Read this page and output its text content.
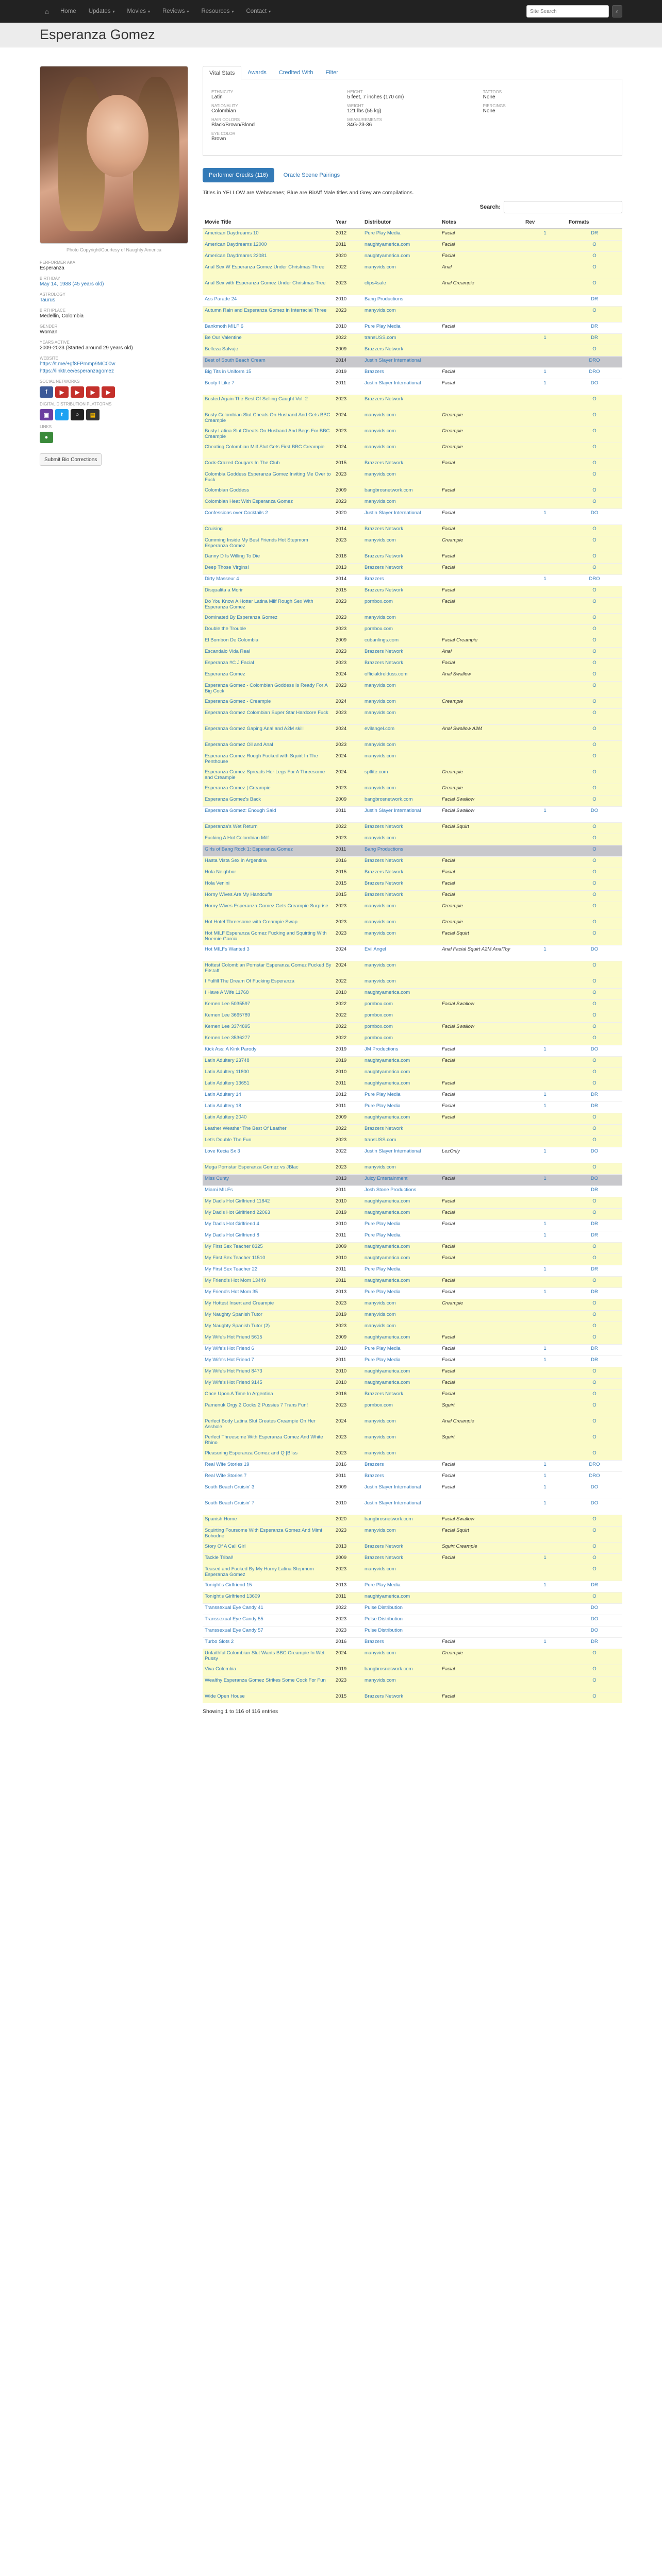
⌂	Home Updates ▾ Movies ▾ Reviews ▾ Resources ▾ Contact ▾
Site Search	⌕
Esperanza Gomez
Photo Copyright/Courtesy of Naughty America
PERFORMER AKA
Esperanza
BIRTHDAY
May 14, 1988 (45 years old)
ASTROLOGY
Taurus
BIRTHPLACE
Medellin, Colombia
GENDER
Woman
YEARS ACTIVE
2009-2023 (Started around 29 years old)
WEBSITE
https://t.me/+gf8FPmmp9MC00w
https://linktr.ee/esperanzagomez
SOCIAL NETWORKS
f	▶	▶	▶	▶
DIGITAL DISTRIBUTION PLATFORMS
▣	t	○	▤
LINKS
●
Submit Bio Corrections
Vital Stats	Awards	Credited With	Filter
ETHNICITY
Latin
NATIONALITY
Colombian
HAIR COLORS
Black/Brown/Blond
EYE COLOR
Brown
HEIGHT
5 feet, 7 inches (170 cm)
WEIGHT
121 lbs (55 kg)
MEASUREMENTS
34G-23-36
TATTOOS
None
PIERCINGS
None
Performer Credits (116)	Oracle Scene Pairings
Titles in YELLOW are Webscenes; Blue are BirAff Male titles and Grey are compilations.
Search:
Movie Title	Year	Distributor	Notes	Rev	Formats
American Daydreams 10	2012	Pure Play Media	Facial	1	DR
American Daydreams 12000	2011	naughtyamerica.com	Facial		O
American Daydreams 22081	2020	naughtyamerica.com	Facial		O
Anal Sex W Esperanza Gomez Under Christmas Three	2022	manyvids.com	Anal		O
Anal Sex with Esperanza Gomez Under Christmas Tree	2023	clips4sale	Anal Creampie		O
Ass Parade 24	2010	Bang Productions			DR
Autumn Rain and Esperanza Gomez in Interracial Three	2023	manyvids.com			O
Bankmoth MILF 6	2010	Pure Play Media	Facial		DR
Be Our Valentine	2022	transUSS.com		1	DR
Belleza Salvaje	2009	Brazzers Network			O
Best of South Beach Cream	2014	Justin Slayer International			DRO
Big Tits in Uniform 15	2019	Brazzers	Facial	1	DRO
Booty I Like 7	2011	Justin Slayer International	Facial	1	DO
Busted Again The Best Of Selling Caught Vol. 2	2023	Brazzers Network			O
Busty Colombian Slut Cheats On Husband And Gets BBC Creampie	2024	manyvids.com	Creampie		O
Busty Latina Slut Cheats On Husband And Begs For BBC Creampie	2023	manyvids.com	Creampie		O
Cheating Colombian Milf Slut Gets First BBC Creampie	2024	manyvids.com	Creampie		O
Cock-Crazed Cougars In The Club	2015	Brazzers Network	Facial		O
Colombia Goddess Esperanza Gomez Inviting Me Over to Fuck	2023	manyvids.com			O
Colombian Goddess	2009	bangbrosnetwork.com	Facial		O
Colombian Heat With Esperanza Gomez	2023	manyvids.com			O
Confessions over Cocktails 2	2020	Justin Slayer International	Facial	1	DO
Cruising	2014	Brazzers Network	Facial		O
Cumming Inside My Best Friends Hot Stepmom Esperanza Gomez	2023	manyvids.com	Creampie		O
Danny D Is Willing To Die	2016	Brazzers Network	Facial		O
Deep Those Virgins!	2013	Brazzers Network	Facial		O
Dirty Masseur 4	2014	Brazzers		1	DRO
Disqualita a Morir	2015	Brazzers Network	Facial		O
Do You Know A Hotter Latina Milf Rough Sex With Esperanza Gomez	2023	pornbox.com	Facial		O
Dominated By Esperanza Gomez	2023	manyvids.com			O
Double the Trouble	2023	pornbox.com			O
El Bombon De Colombia	2009	cubanlings.com	Facial Creampie		O
Escandalo Vida Real	2023	Brazzers Network	Anal		O
Esperanza #C J Facial	2023	Brazzers Network	Facial		O
Esperanza Gomez	2024	officialdrelduss.com	Anal Swallow		O
Esperanza Gomez - Colombian Goddess Is Ready For A Big Cock	2023	manyvids.com			O
Esperanza Gomez - Creampie	2024	manyvids.com	Creampie		O
Esperanza Gomez Colombian Super Star Hardcore Fuck	2023	manyvids.com			O
Esperanza Gomez Gaping Anal and A2M skill	2024	evilangel.com	Anal Swallow A2M		O
Esperanza Gomez Oil and Anal	2023	manyvids.com			O
Esperanza Gomez Rough Fucked with Squirt In The Penthouse	2024	manyvids.com			O
Esperanza Gomez Spreads Her Legs For A Threesome and Creampie	2024	sptlite.com	Creampie		O
Esperanza Gomez | Creampie	2023	manyvids.com	Creampie		O
Esperanza Gomez's Back	2009	bangbrosnetwork.com	Facial Swallow		O
Esperanza Gomez: Enough Said	2011	Justin Slayer International	Facial Swallow	1	DO
Esperanza's Wet Return	2022	Brazzers Network	Facial Squirt		O
Fucking A Hot Colombian Milf	2023	manyvids.com			O
Girls of Bang Rock 1: Esperanza Gomez	2011	Bang Productions			O
Hasta Vista Sex in Argentina	2016	Brazzers Network	Facial		O
Hola Neighbor	2015	Brazzers Network	Facial		O
Hola Venini	2015	Brazzers Network	Facial		O
Horny Wives Are My Handcuffs	2015	Brazzers Network	Facial		O
Horny Wives Esperanza Gomez Gets Creampie Surprise	2023	manyvids.com	Creampie		O
Hot Hotel Threesome with Creampie Swap	2023	manyvids.com	Creampie		O
Hot MILF Esperanza Gomez Fucking and Squirting With Noemie Garcia	2023	manyvids.com	Facial Squirt		O
Hot MILFs Wanted 3	2024	Evil Angel	Anal Facial Squirt A2M AnalToy	1	DO
Hottest Colombian Pornstar Esperanza Gomez Fucked By Fitstaff	2024	manyvids.com			O
I Fulfill The Dream Of Fucking Esperanza	2022	manyvids.com			O
I Have A Wife 11768	2010	naughtyamerica.com			O
Kemen Lee 5035597	2022	pornbox.com	Facial Swallow		O
Kemen Lee 3665789	2022	pornbox.com			O
Kemen Lee 3374895	2022	pornbox.com	Facial Swallow		O
Kemen Lee 3536277	2022	pornbox.com			O
Kick Ass: A Kink Parody	2019	JM Productions	Facial	1	DO
Latin Adultery 23748	2019	naughtyamerica.com	Facial		O
Latin Adultery 11800	2010	naughtyamerica.com			O
Latin Adultery 13651	2011	naughtyamerica.com	Facial		O
Latin Adultery 14	2012	Pure Play Media	Facial	1	DR
Latin Adultery 18	2011	Pure Play Media	Facial	1	DR
Latin Adultery 2040	2009	naughtyamerica.com	Facial		O
Leather Weather The Best Of Leather	2022	Brazzers Network			O
Let's Double The Fun	2023	transUSS.com			O
Love Kecia Sx 3	2022	Justin Slayer International	LezOnly	1	DO
Mega Pornstar Esperanza Gomez vs JBlac	2023	manyvids.com			O
Miss Cunty	2013	Juicy Entertainment	Facial	1	DO
Miami MILFs	2011	Josh Stone Productions			DR
My Dad's Hot Girlfriend 11842	2010	naughtyamerica.com	Facial		O
My Dad's Hot Girlfriend 22063	2019	naughtyamerica.com	Facial		O
My Dad's Hot Girlfriend 4	2010	Pure Play Media	Facial	1	DR
My Dad's Hot Girlfriend 8	2011	Pure Play Media		1	DR
My First Sex Teacher 8325	2009	naughtyamerica.com	Facial		O
My First Sex Teacher 11510	2010	naughtyamerica.com	Facial		O
My First Sex Teacher 22	2011	Pure Play Media		1	DR
My Friend's Hot Mom 13449	2011	naughtyamerica.com	Facial		O
My Friend's Hot Mom 35	2013	Pure Play Media	Facial	1	DR
My Hottest Insert and Creampie	2023	manyvids.com	Creampie		O
My Naughty Spanish Tutor	2019	manyvids.com			O
My Naughty Spanish Tutor (2)	2023	manyvids.com			O
My Wife's Hot Friend 5615	2009	naughtyamerica.com	Facial		O
My Wife's Hot Friend 6	2010	Pure Play Media	Facial	1	DR
My Wife's Hot Friend 7	2011	Pure Play Media	Facial	1	DR
My Wife's Hot Friend 8473	2010	naughtyamerica.com	Facial		O
My Wife's Hot Friend 9145	2010	naughtyamerica.com	Facial		O
Once Upon A Time In Argentina	2016	Brazzers Network	Facial		O
Pamenuk Orgy 2 Cocks 2 Pussies 7 Trans Fun!	2023	pornbox.com	Squirt		O
Perfect Body Latina Slut Creates Creampie On Her Asshole	2024	manyvids.com	Anal Creampie		O
Perfect Threesome With Esperanza Gomez And White Rhino	2023	manyvids.com	Squirt		O
Pleasuring Esperanza Gomez and Q [Bliss	2023	manyvids.com			O
Real Wife Stories 19	2016	Brazzers	Facial	1	DRO
Real Wife Stories 7	2011	Brazzers	Facial	1	DRO
South Beach Cruisin' 3	2009	Justin Slayer International	Facial	1	DO
South Beach Cruisin' 7	2010	Justin Slayer International		1	DO
Spanish Home	2020	bangbrosnetwork.com	Facial Swallow		O
Squirting Foursome With Esperanza Gomez And Mimi Bohodne	2023	manyvids.com	Facial Squirt		O
Story Of A Call Girl	2013	Brazzers Network	Squirt Creampie		O
Tackle Tribal!	2009	Brazzers Network	Facial	1	O
Teased and Fucked By My Horny Latina Stepmom Esperanza Gomez	2023	manyvids.com			O
Tonight's Girlfriend 15	2013	Pure Play Media		1	DR
Tonight's Girlfriend 13609	2011	naughtyamerica.com			O
Transsexual Eye Candy 41	2022	Pulse Distribution			DO
Transsexual Eye Candy 55	2023	Pulse Distribution			DO
Transsexual Eye Candy 57	2023	Pulse Distribution			DO
Turbo Slots 2	2016	Brazzers	Facial	1	DR
Unfaithful Colombian Slut Wants BBC Creampie In Wet Pussy	2024	manyvids.com	Creampie		O
Viva Colombia	2019	bangbrosnetwork.com	Facial		O
Wealthy Esperanza Gomez Strikes Some Cock For Fun	2023	manyvids.com			O
Wide Open House	2015	Brazzers Network	Facial		O
Showing 1 to 116 of 116 entries
